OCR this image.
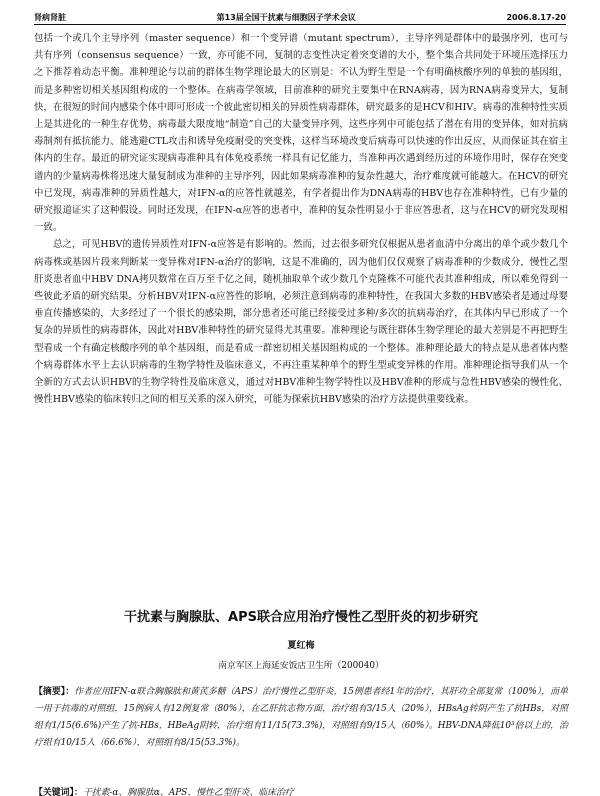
肾病肾脏	第13届全国干扰素与细胞因子学术会议	2006.8.17-20

包括一个或几个主导序列（master sequence）和一个变异谱（mutant spectrum），主导序列是群体中的最强序列，也可与共有序列（consensus sequence）一致，亦可能不同，复制的志变性决定着突变谱的大小，整个集合共同处于环境压选择压力之下推荐着动态平衡。准种理论与以前的群体生物学理论最大的区别是：不认为野生型是一个有明确核酸序列的单独的基因组，而是多种密切相关基因组构成的一个整体。在病毒学领域，目前准种的研究主要集中在RNA病毒，因为RNA病毒变异大，复制快，在很短的时间内感染个体中即可形成一个彼此密切相关的异质性病毒群体，研究最多的是HCV和HIV。病毒的准种特性实质上是其进化的一种生存优势，病毒最大限度地“制造”自己的大量变异序列，这些序列中可能包括了潜在有用的变异体，如对抗病毒制剂有抵抗能力、能逃避CTL攻击和诱导免疫耐受的突变株，这样当环境改变后病毒可以快速的作出反应，从而保证其在宿主体内的生存。最近的研究证实现病毒准种具有体免疫系统一样具有记忆能力，当准种再次遇到经历过的环境作用时，保存在突变谱内的少量病毒株将迅速大量复制成为准种的主导序列，因此如果病毒准种的复杂性越大，治疗难度就可能越大。在HCV的研究中已发现，病毒准种的异质性越大，对IFN-α的应答性就越差，有学者提出作为DNA病毒的HBV也存在准种特性，已有少量的研究报道证实了这种假设。同时还发现，在IFN-α应答的患者中，准种的复杂性明显小于非应答患者，这与在HCV的研究发现相一致。

总之，可见HBV的遗传异质性对IFN-α应答是有影响的。然而，过去很多研究仅根据从患者血清中分离出的单个或少数几个病毒株或基因片段来判断某一变异株对IFN-α治疗的影响，这是不准确的，因为他们仅仅观察了病毒准种的少数成分，慢性乙型肝炎患者血中HBV DNA拷贝数常在百万至千亿之间，随机抽取单个或少数几个克隆株不可能代表其准种组成，所以难免得到一些彼此矛盾的研究结果。分析HBV对IFN-α应答性的影响，必须注意到病毒的准种特性，在我国大多数的HBV感染者是通过母婴垂直传播感染的，大多经过了一个很长的感染期，部分患者还可能已经接受过多种/多次的抗病毒治疗，在其体内早已形成了一个复杂的异质性的病毒群体，因此对HBV准种特性的研究显得尤其重要。准种理论与既往群体生物学理论的最大差别是不再把野生型看成一个有确定核酸序列的单个基因组，而是看成一群密切相关基因组构成的一个整体。准种理论最大的特点是从患者体内整个病毒群体水平上去认识病毒的生物学特性及临床意义，不再注重某种单个的野生型或变异株的作用。准种理论指导我们从一个全新的方式去认识HBV的生物学特性及临床意义，通过对HBV准种生物学特性以及HBV准种的形成与急性HBV感染的慢性化、慢性HBV感染的临床转归之间的相互关系的深入研究，可能为探索抗HBV感染的治疗方法提供重要线索。

干扰素与胸腺肽、APS联合应用治疗慢性乙型肝炎的初步研究
夏红梅
南京军区上海延安饭店卫生所（200040）
【摘要】：作者应用IFN-α联合胸腺肽和黄芪多糖（APS）治疗慢性乙型肝炎，15例患者经1年的治疗，其肝功全部复常（100%），而单一用于抗毒的对照组，15例病人有12例复常（80%），在乙肝抗志物方面，治疗组有3/15人（20%），HBsAg转阴产生了抗HBs，对照组有1/15(6.6%)产生了抗-HBs，HBeAg阴转，治疗组有11/15(73.3%)，对照组有9/15人（60%）。HBV-DNA降低10³倍以上的，治疗组有10/15人（66.6%），对照组有8/15(53.3%)。
【关键词】：干扰素-α、胸腺肽α、APS、慢性乙型肝炎、临床治疗
